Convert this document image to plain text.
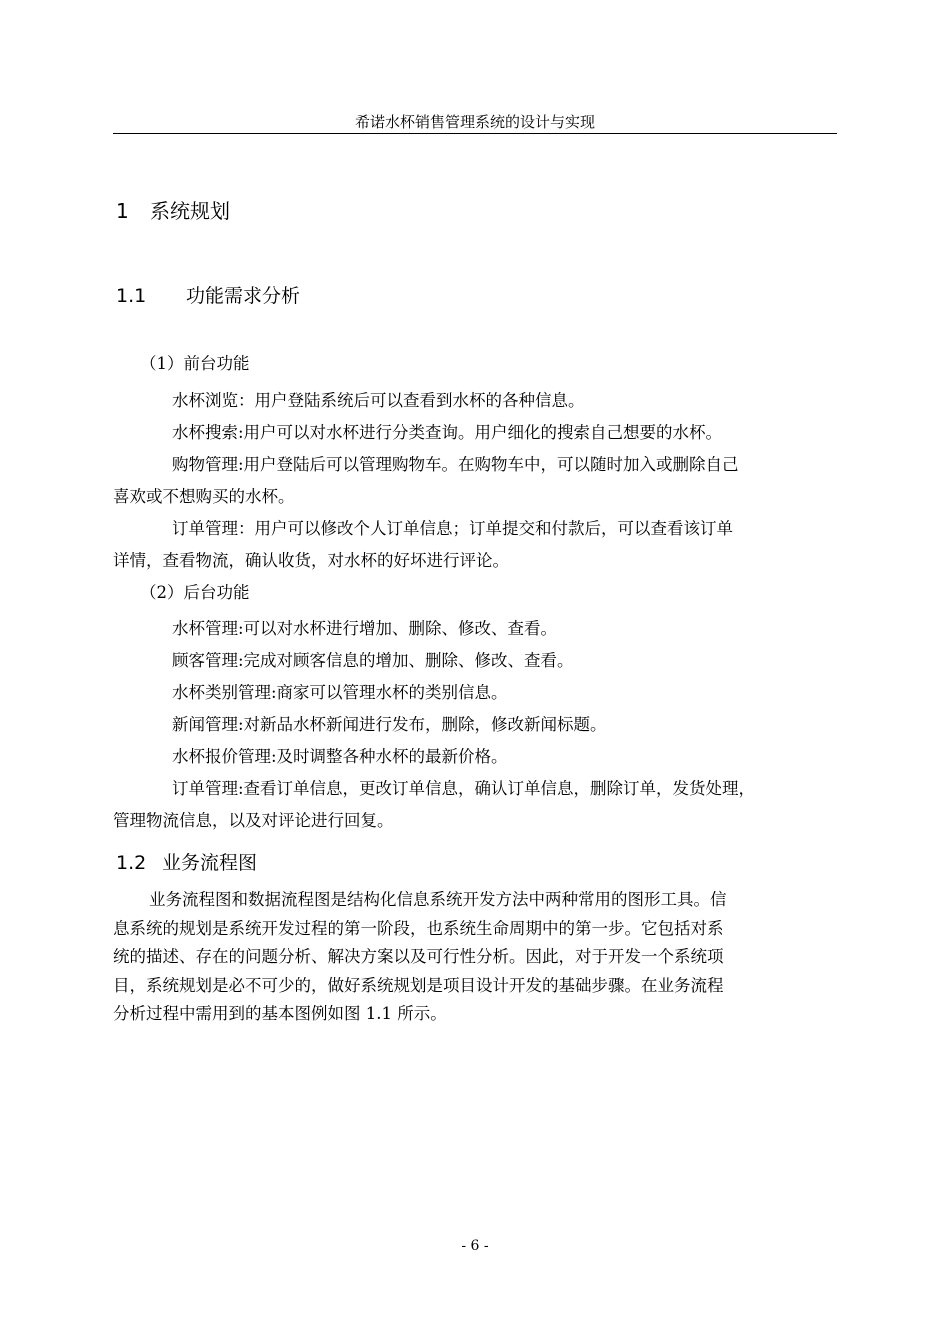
希诺水杯销售管理系统的设计与实现
1 系统规划
1.1 功能需求分析
（1）前台功能
水杯浏览：用户登陆系统后可以查看到水杯的各种信息。
水杯搜索:用户可以对水杯进行分类查询。用户细化的搜索自己想要的水杯。
购物管理:用户登陆后可以管理购物车。在购物车中，可以随时加入或删除自己
喜欢或不想购买的水杯。
订单管理：用户可以修改个人订单信息；订单提交和付款后，可以查看该订单
详情，查看物流，确认收货，对水杯的好坏进行评论。
（2）后台功能
水杯管理:可以对水杯进行增加、删除、修改、查看。
顾客管理:完成对顾客信息的增加、删除、修改、查看。
水杯类别管理:商家可以管理水杯的类别信息。
新闻管理:对新品水杯新闻进行发布，删除，修改新闻标题。
水杯报价管理:及时调整各种水杯的最新价格。
订单管理:查看订单信息，更改订单信息，确认订单信息，删除订单，发货处理，
管理物流信息，以及对评论进行回复。
1.2 业务流程图
业务流程图和数据流程图是结构化信息系统开发方法中两种常用的图形工具。信
息系统的规划是系统开发过程的第一阶段，也系统生命周期中的第一步。它包括对系
统的描述、存在的问题分析、解决方案以及可行性分析。因此，对于开发一个系统项
目，系统规划是必不可少的，做好系统规划是项目设计开发的基础步骤。在业务流程
分析过程中需用到的基本图例如图 1.1 所示。
- 6 -
